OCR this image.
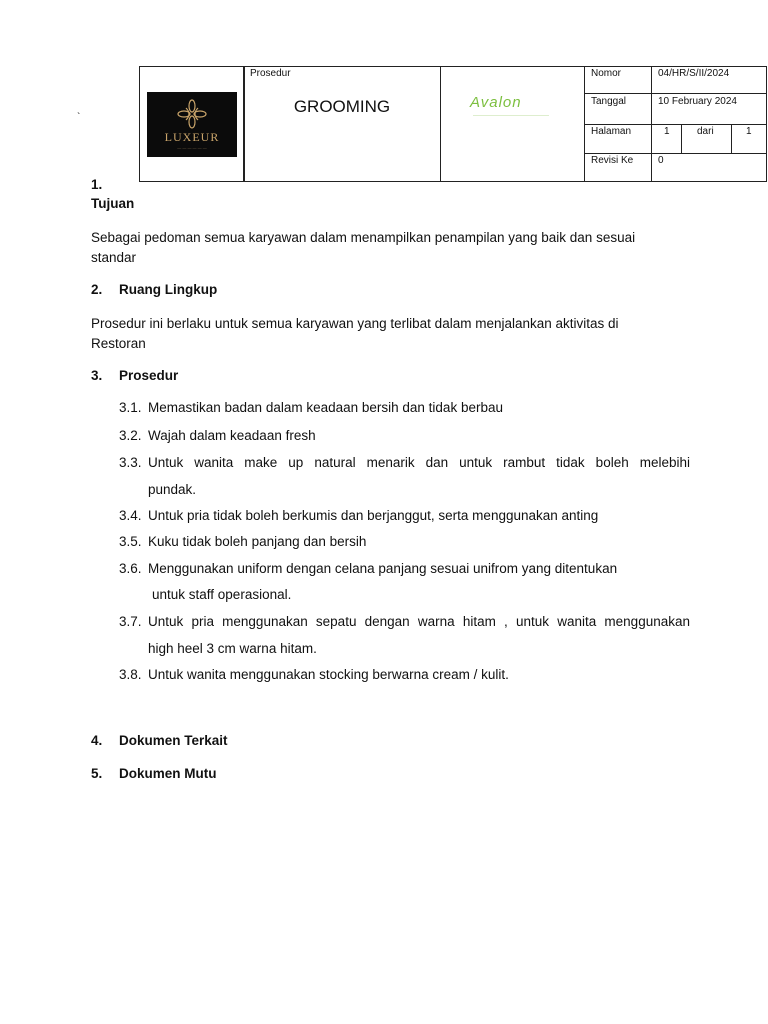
LUXEUR
— — — — — —
Prosedur
GROOMING	Avalon
———————————————————
Nomor	04/HR/S/II/2024
Tanggal	10 February 2024
Halaman	1	dari	1
Revisi Ke 0
`
1.
Tujuan
Sebagai pedoman semua karyawan dalam menampilkan penampilan yang baik dan sesuai
standar
2. Ruang Lingkup
Prosedur ini berlaku untuk semua karyawan yang terlibat dalam menjalankan aktivitas di
Restoran
3. Prosedur
3.1. Memastikan badan dalam keadaan bersih dan tidak berbau
3.2. Wajah dalam keadaan fresh
3.3. Untuk wanita make up natural menarik dan untuk rambut tidak boleh melebihi
pundak.
3.4. Untuk pria tidak boleh berkumis dan berjanggut, serta menggunakan anting
3.5. Kuku tidak boleh panjang dan bersih
3.6. Menggunakan uniform dengan celana panjang sesuai unifrom yang ditentukan
untuk staff operasional.
3.7. Untuk pria menggunakan sepatu dengan warna hitam , untuk wanita menggunakan
high heel 3 cm warna hitam.
3.8. Untuk wanita menggunakan stocking berwarna cream / kulit.
4. Dokumen Terkait
5. Dokumen Mutu
